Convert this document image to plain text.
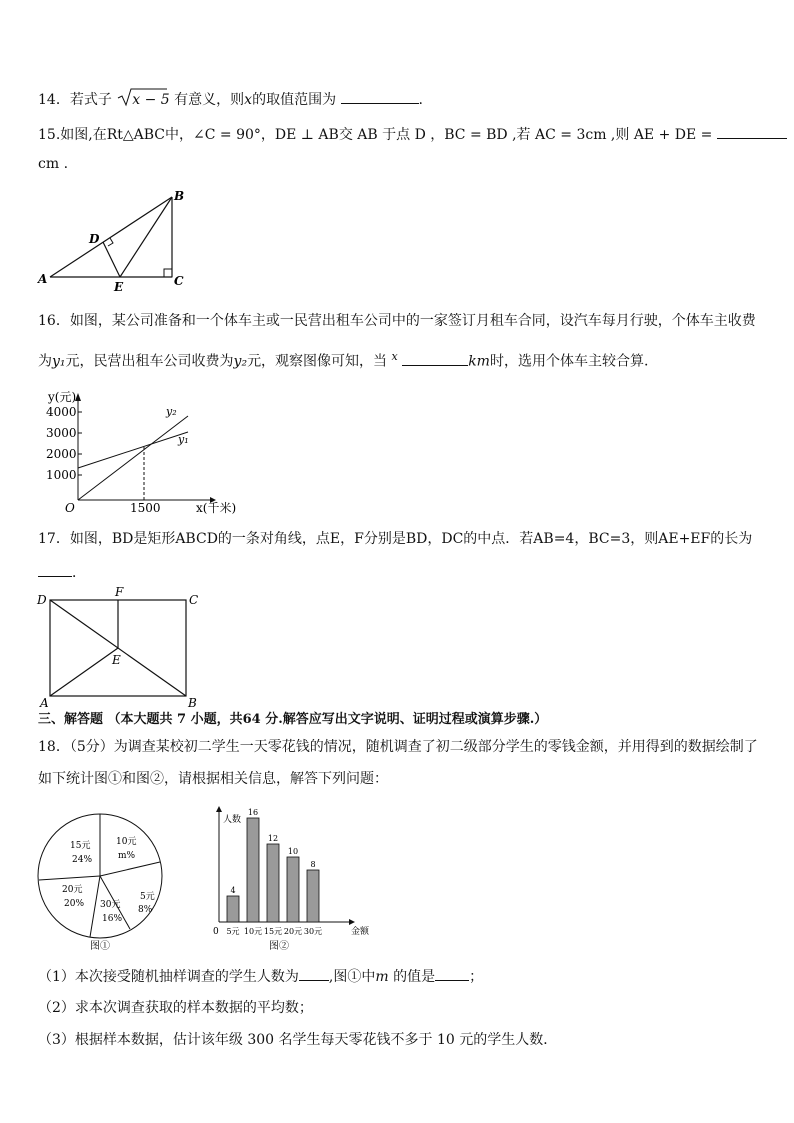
14．若式子 x − 5 有意义，则x的取值范围为	.
15.如图,在Rt△ABC中，∠C = 90°，DE ⊥ AB交 AB 于点 D ，BC = BD ,若 AC = 3cm ,则 AE + DE =
cm .
A
B
C
D
E
16．如图，某公司准备和一个体车主或一民营出租车公司中的一家签订月租车合同，设汽车每月行驶，个体车主收费
为y₁元，民营出租车公司收费为y₂元，观察图像可知，当 $^x$	km时，选用个体车主较合算.
4000
3000
2000
1000
y(元)
x(千米)
O	1500
y₂
y₁
17．如图，BD是矩形ABCD的一条对角线，点E，F分别是BD，DC的中点．若AB=4，BC=3，则AE+EF的长为
．
D	C
A	B
F
E
三、解答题 （本大题共 7 小题，共64 分.解答应写出文字说明、证明过程或演算步骤.）
18．（5分）为调查某校初二学生一天零花钱的情况，随机调查了初二级部分学生的零钱金额，并用得到的数据绘制了
如下统计图①和图②，请根据相关信息，解答下列问题：
15元
24%
10元
m%
20元
20% 30元
16%
5元
8%
图①
人数
金额
0
图②
4
5元
16
10元
12
15元
10
20元
8
30元
（1）本次接受随机抽样调查的学生人数为 ,图①中m 的值是 ；
（2）求本次调查获取的样本数据的平均数；
（3）根据样本数据，估计该年级 300 名学生每天零花钱不多于 10 元的学生人数．
